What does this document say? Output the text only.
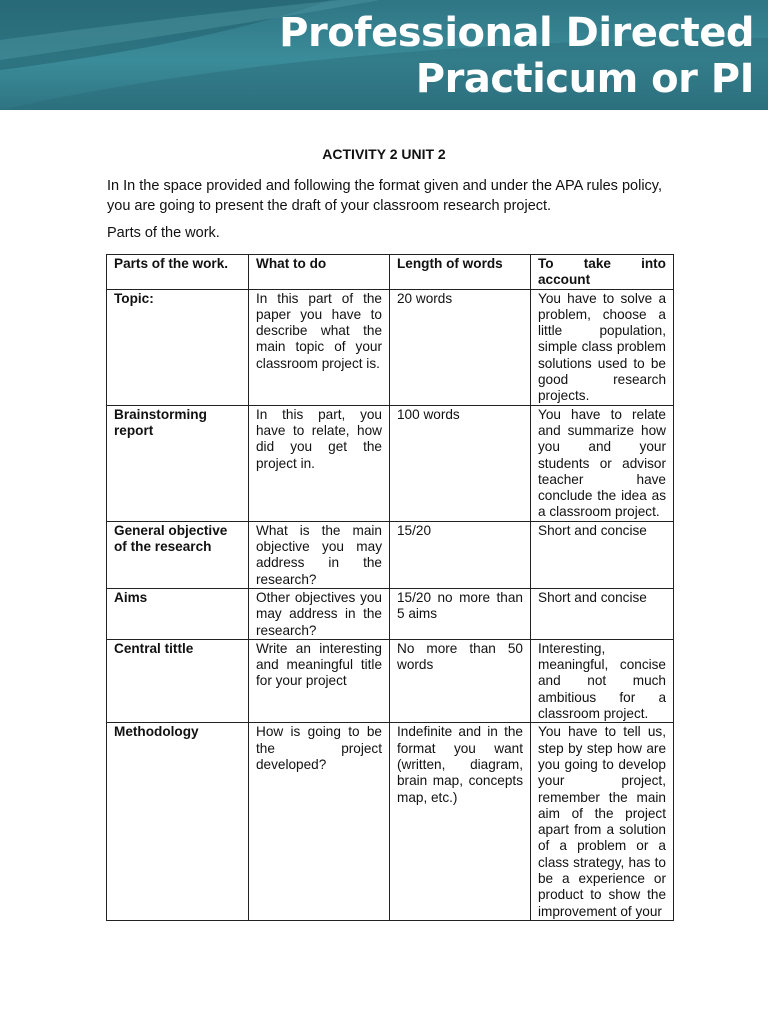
Professional Directed
Practicum or PI
ACTIVITY 2 UNIT 2
In In the space provided and following the format given and under the APA rules policy, you are going to present the draft of your classroom research project.
Parts of the work.
Parts of the work.	What to do	Length of words	To take into account
Topic:	In this part of the paper you have to describe what the main topic of your classroom project is.	20 words	You have to solve a problem, choose a little population, simple class problem solutions used to be good research projects.
Brainstorming report	In this part, you have to relate, how did you get the project in.	100 words	You have to relate and summarize how you and your students or advisor teacher have conclude the idea as a classroom project.
General objective of the research	What is the main objective you may address in the research?	15/20	Short and concise
Aims	Other objectives you may address in the research?	15/20 no more than 5 aims	Short and concise
Central tittle	Write an interesting and meaningful title for your project	No more than 50 words	Interesting, meaningful, concise and not much ambitious for a classroom project.
Methodology	How is going to be the project developed?	Indefinite and in the format you want (written, diagram, brain map, concepts map, etc.)	You have to tell us, step by step how are you going to develop your project, remember the main aim of the project apart from a solution of a problem or a class strategy, has to be a experience or product to show the improvement of your
